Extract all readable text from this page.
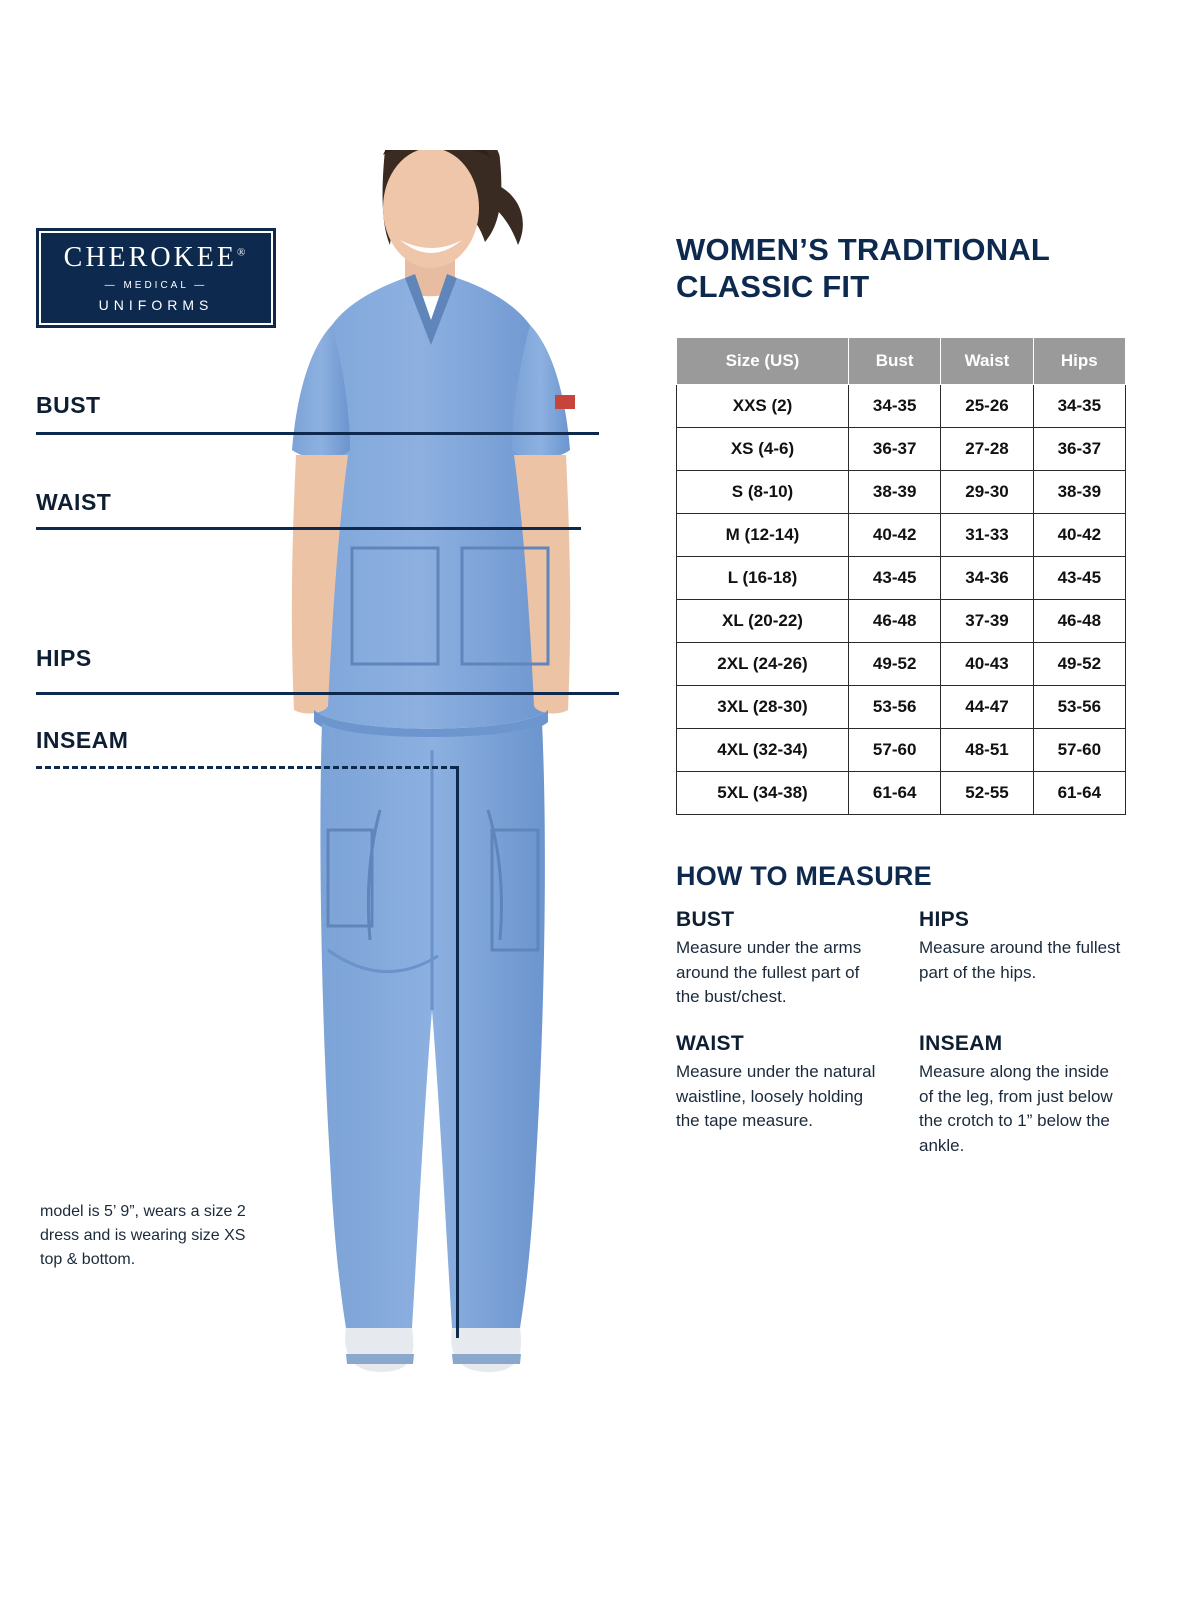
CHEROKEE®
— MEDICAL —
UNIFORMS
BUST
WAIST
HIPS
INSEAM
model is 5’ 9”, wears a size 2 dress and is wearing size XS top & bottom.
WOMEN’S TRADITIONAL CLASSIC FIT
Size (US)	Bust	Waist	Hips
XXS (2)	34-35	25-26	34-35
XS (4-6)	36-37	27-28	36-37
S (8-10)	38-39	29-30	38-39
M (12-14)	40-42	31-33	40-42
L (16-18)	43-45	34-36	43-45
XL (20-22)	46-48	37-39	46-48
2XL (24-26)	49-52	40-43	49-52
3XL (28-30)	53-56	44-47	53-56
4XL (32-34)	57-60	48-51	57-60
5XL (34-38)	61-64	52-55	61-64
HOW TO MEASURE
BUST

Measure under the arms around the fullest part of the bust/chest.

HIPS

Measure around the fullest part of the hips.

WAIST

Measure under the natural waistline, loosely holding the tape measure.

INSEAM

Measure along the inside of the leg, from just below the crotch to 1” below the ankle.
